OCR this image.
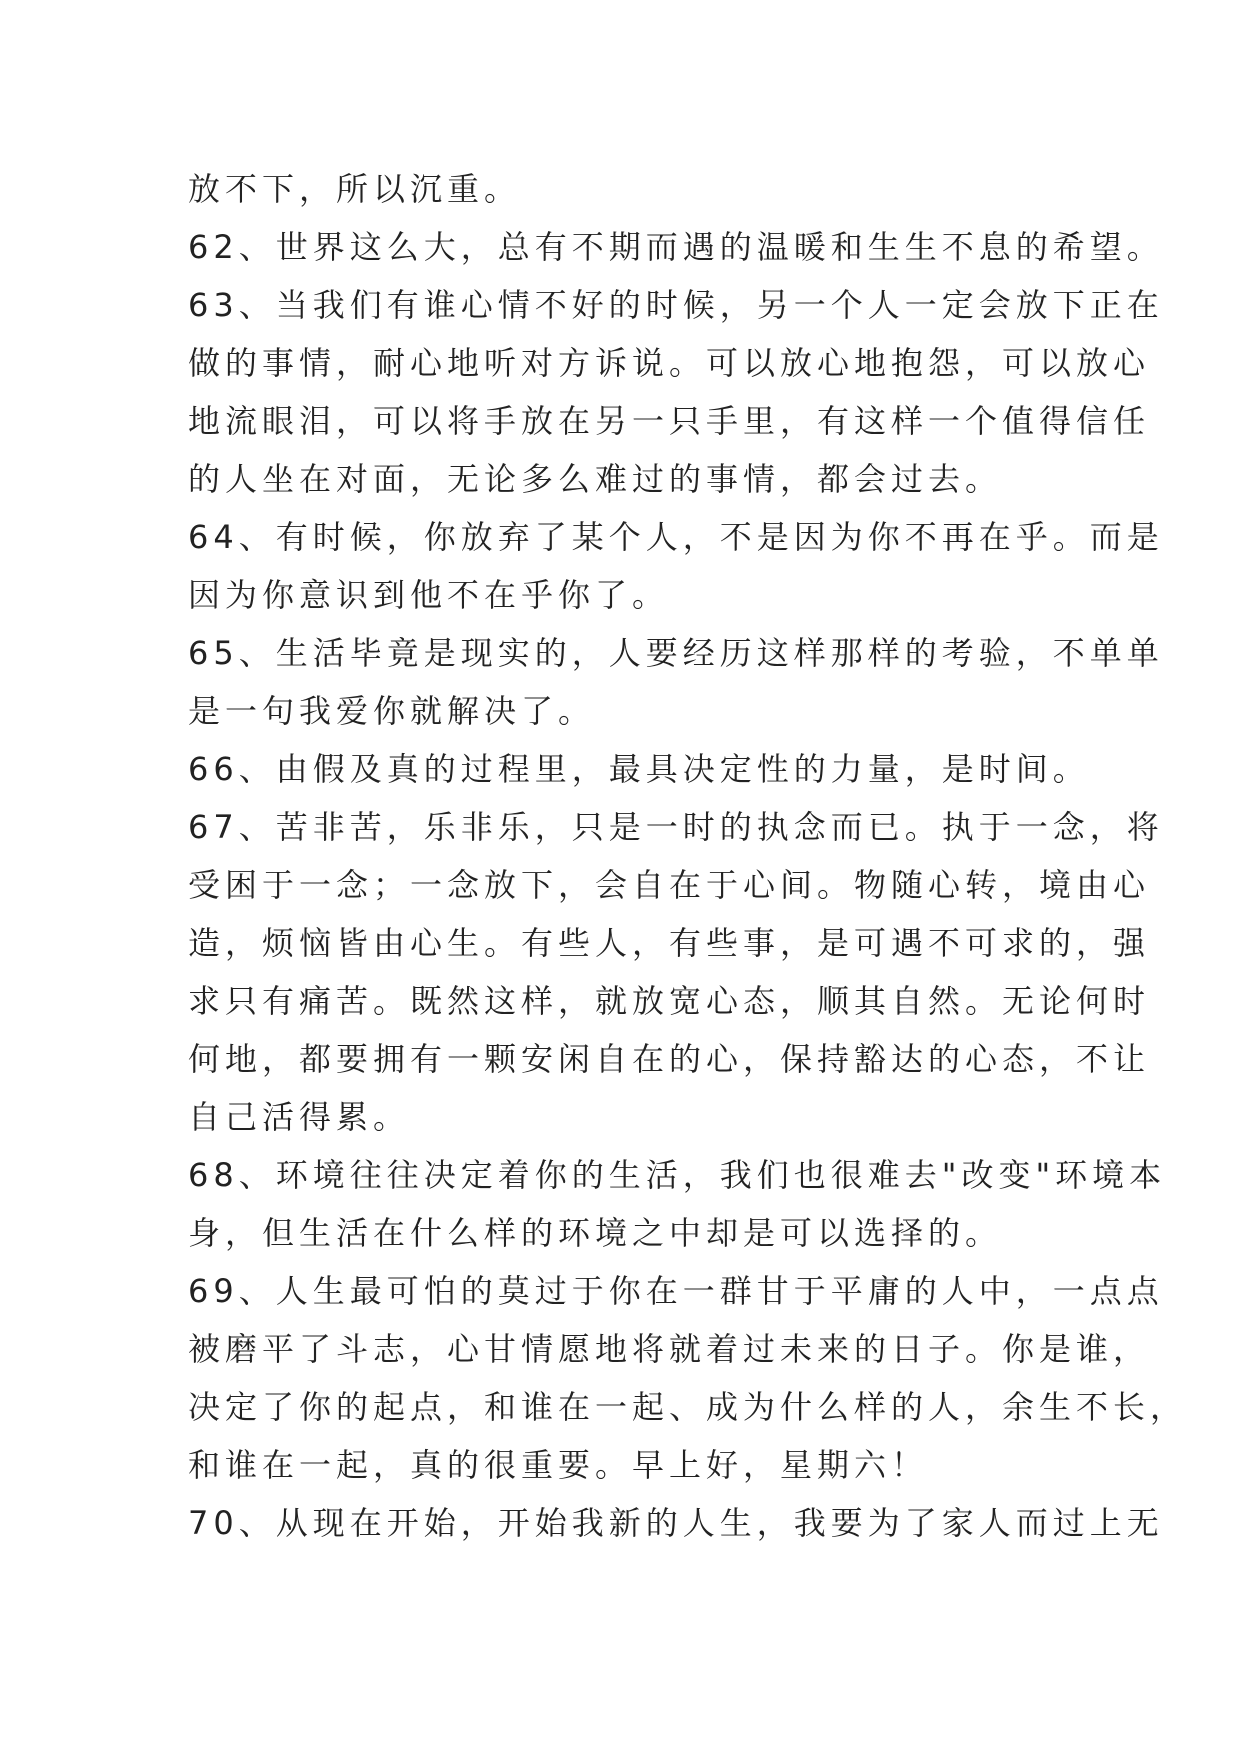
放不下，所以沉重。
62、世界这么大，总有不期而遇的温暖和生生不息的希望。
63、当我们有谁心情不好的时候，另一个人一定会放下正在
做的事情，耐心地听对方诉说。可以放心地抱怨，可以放心
地流眼泪，可以将手放在另一只手里，有这样一个值得信任
的人坐在对面，无论多么难过的事情，都会过去。
64、有时候，你放弃了某个人，不是因为你不再在乎。而是
因为你意识到他不在乎你了。
65、生活毕竟是现实的，人要经历这样那样的考验，不单单
是一句我爱你就解决了。
66、由假及真的过程里，最具决定性的力量，是时间。
67、苦非苦，乐非乐，只是一时的执念而已。执于一念，将
受困于一念；一念放下，会自在于心间。物随心转，境由心
造，烦恼皆由心生。有些人，有些事，是可遇不可求的，强
求只有痛苦。既然这样，就放宽心态，顺其自然。无论何时
何地，都要拥有一颗安闲自在的心，保持豁达的心态，不让
自己活得累。
68、环境往往决定着你的生活，我们也很难去"改变"环境本
身，但生活在什么样的环境之中却是可以选择的。
69、人生最可怕的莫过于你在一群甘于平庸的人中，一点点
被磨平了斗志，心甘情愿地将就着过未来的日子。你是谁，
决定了你的起点，和谁在一起、成为什么样的人，余生不长，
和谁在一起，真的很重要。早上好，星期六！
70、从现在开始，开始我新的人生，我要为了家人而过上无
